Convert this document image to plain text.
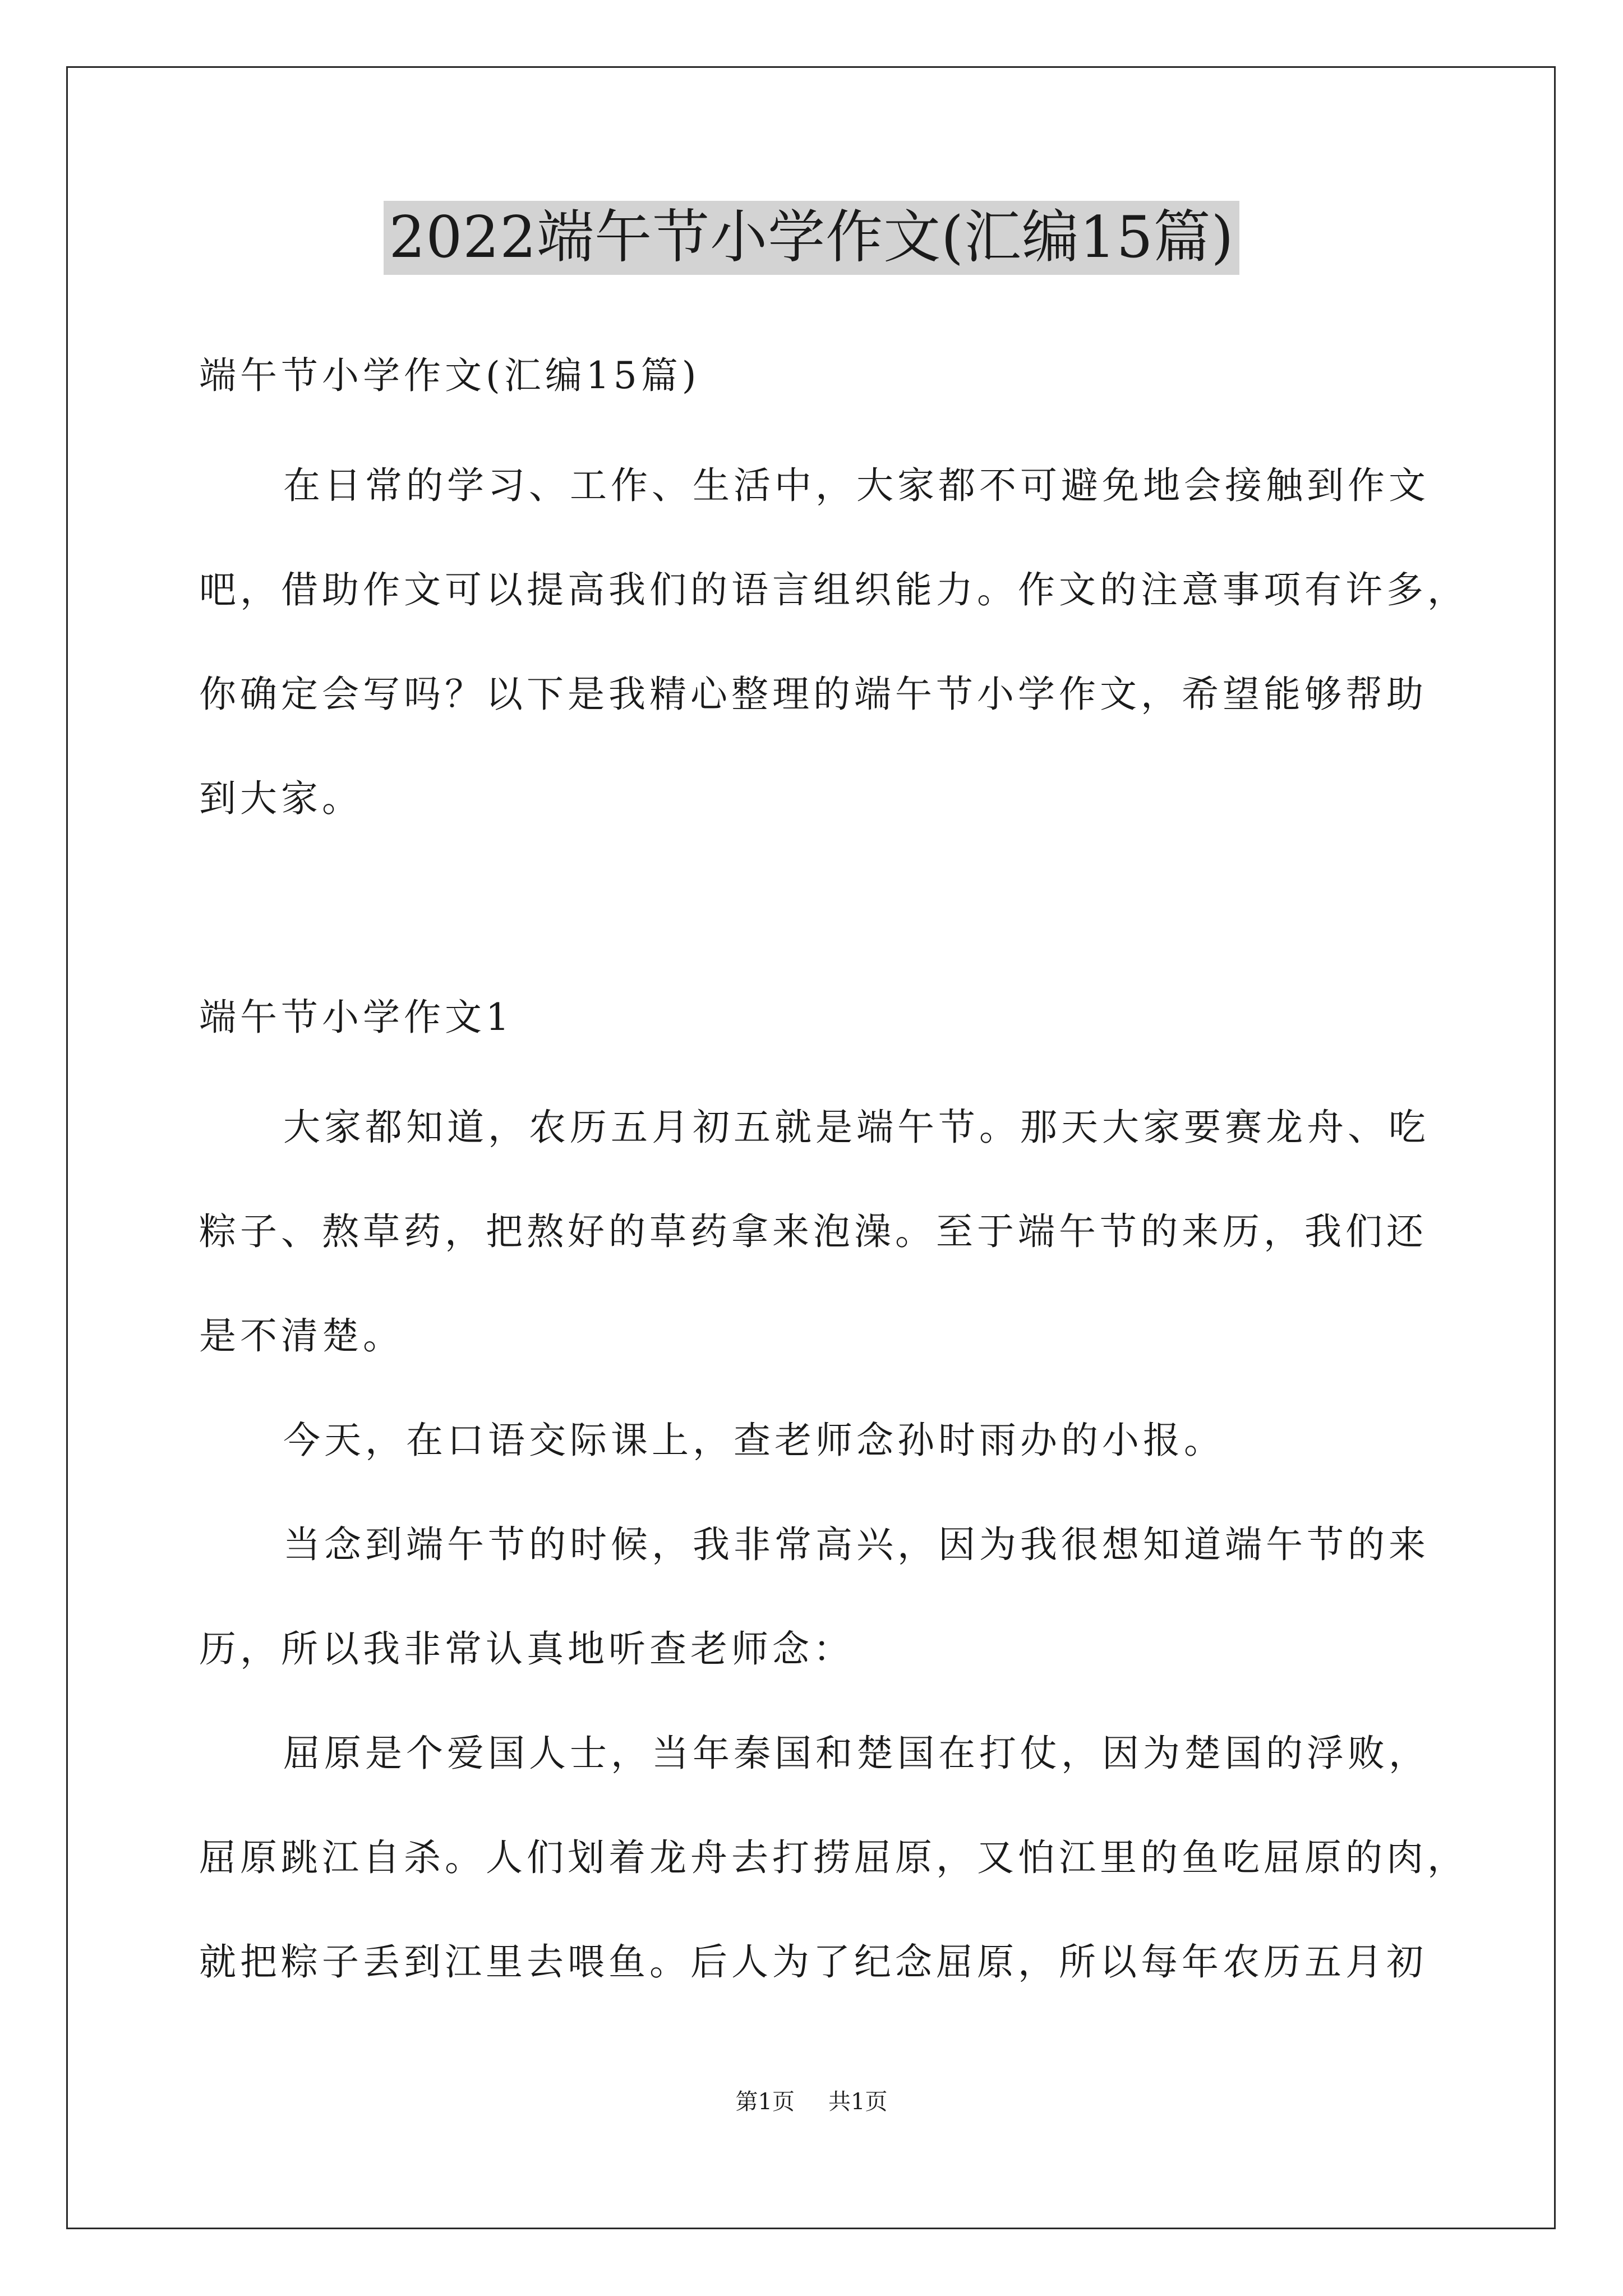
2022端午节小学作文(汇编15篇)
端午节小学作文(汇编15篇)
在日常的学习、工作、生活中，大家都不可避免地会接触到作文
吧，借助作文可以提高我们的语言组织能力。作文的注意事项有许多，
你确定会写吗？以下是我精心整理的端午节小学作文，希望能够帮助
到大家。
端午节小学作文1
大家都知道，农历五月初五就是端午节。那天大家要赛龙舟、吃
粽子、熬草药，把熬好的草药拿来泡澡。至于端午节的来历，我们还
是不清楚。
今天，在口语交际课上，查老师念孙时雨办的小报。
当念到端午节的时候，我非常高兴，因为我很想知道端午节的来
历，所以我非常认真地听查老师念：
屈原是个爱国人士，当年秦国和楚国在打仗，因为楚国的浮败，
屈原跳江自杀。人们划着龙舟去打捞屈原，又怕江里的鱼吃屈原的肉，
就把粽子丢到江里去喂鱼。后人为了纪念屈原，所以每年农历五月初
第1页 共1页
